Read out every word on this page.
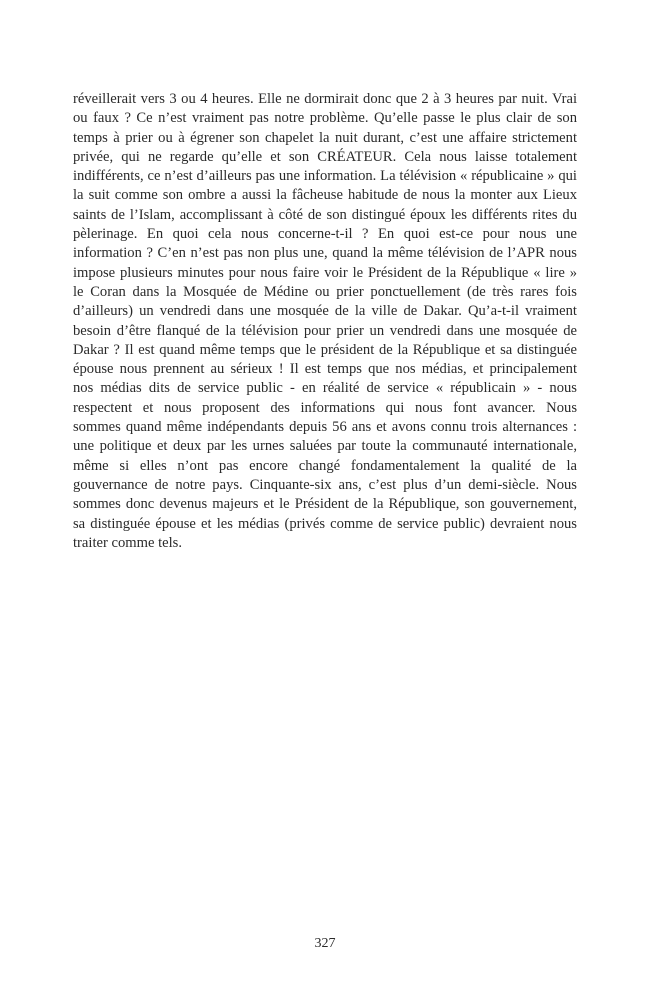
réveillerait vers 3 ou 4 heures. Elle ne dormirait donc que 2 à 3 heures par nuit. Vrai
ou faux ? Ce n’est vraiment pas notre problème. Qu’elle passe le plus clair de son
temps à prier ou à égrener son chapelet la nuit durant, c’est une affaire strictement
privée, qui ne regarde qu’elle et son CRÉATEUR. Cela nous laisse totalement
indifférents, ce n’est d’ailleurs pas une information. La télévision « républicaine » qui
la suit comme son ombre a aussi la fâcheuse habitude de nous la monter aux Lieux
saints de l’Islam, accomplissant à côté de son distingué époux les différents rites du
pèlerinage. En quoi cela nous concerne-t-il ? En quoi est-ce pour nous une
information ? C’en n’est pas non plus une, quand la même télévision de l’APR nous
impose plusieurs minutes pour nous faire voir le Président de la République « lire »
le Coran dans la Mosquée de Médine ou prier ponctuellement (de très rares fois
d’ailleurs) un vendredi dans une mosquée de la ville de Dakar. Qu’a-t-il vraiment
besoin d’être flanqué de la télévision pour prier un vendredi dans une mosquée de
Dakar ? Il est quand même temps que le président de la République et sa distinguée
épouse nous prennent au sérieux ! Il est temps que nos médias, et principalement
nos médias dits de service public - en réalité de service « républicain » - nous
respectent et nous proposent des informations qui nous font avancer. Nous
sommes quand même indépendants depuis 56 ans et avons connu trois alternances :
une politique et deux par les urnes saluées par toute la communauté internationale,
même si elles n’ont pas encore changé fondamentalement la qualité de la
gouvernance de notre pays. Cinquante-six ans, c’est plus d’un demi-siècle. Nous
sommes donc devenus majeurs et le Président de la République, son gouvernement,
sa distinguée épouse et les médias (privés comme de service public) devraient nous
traiter comme tels.

327
